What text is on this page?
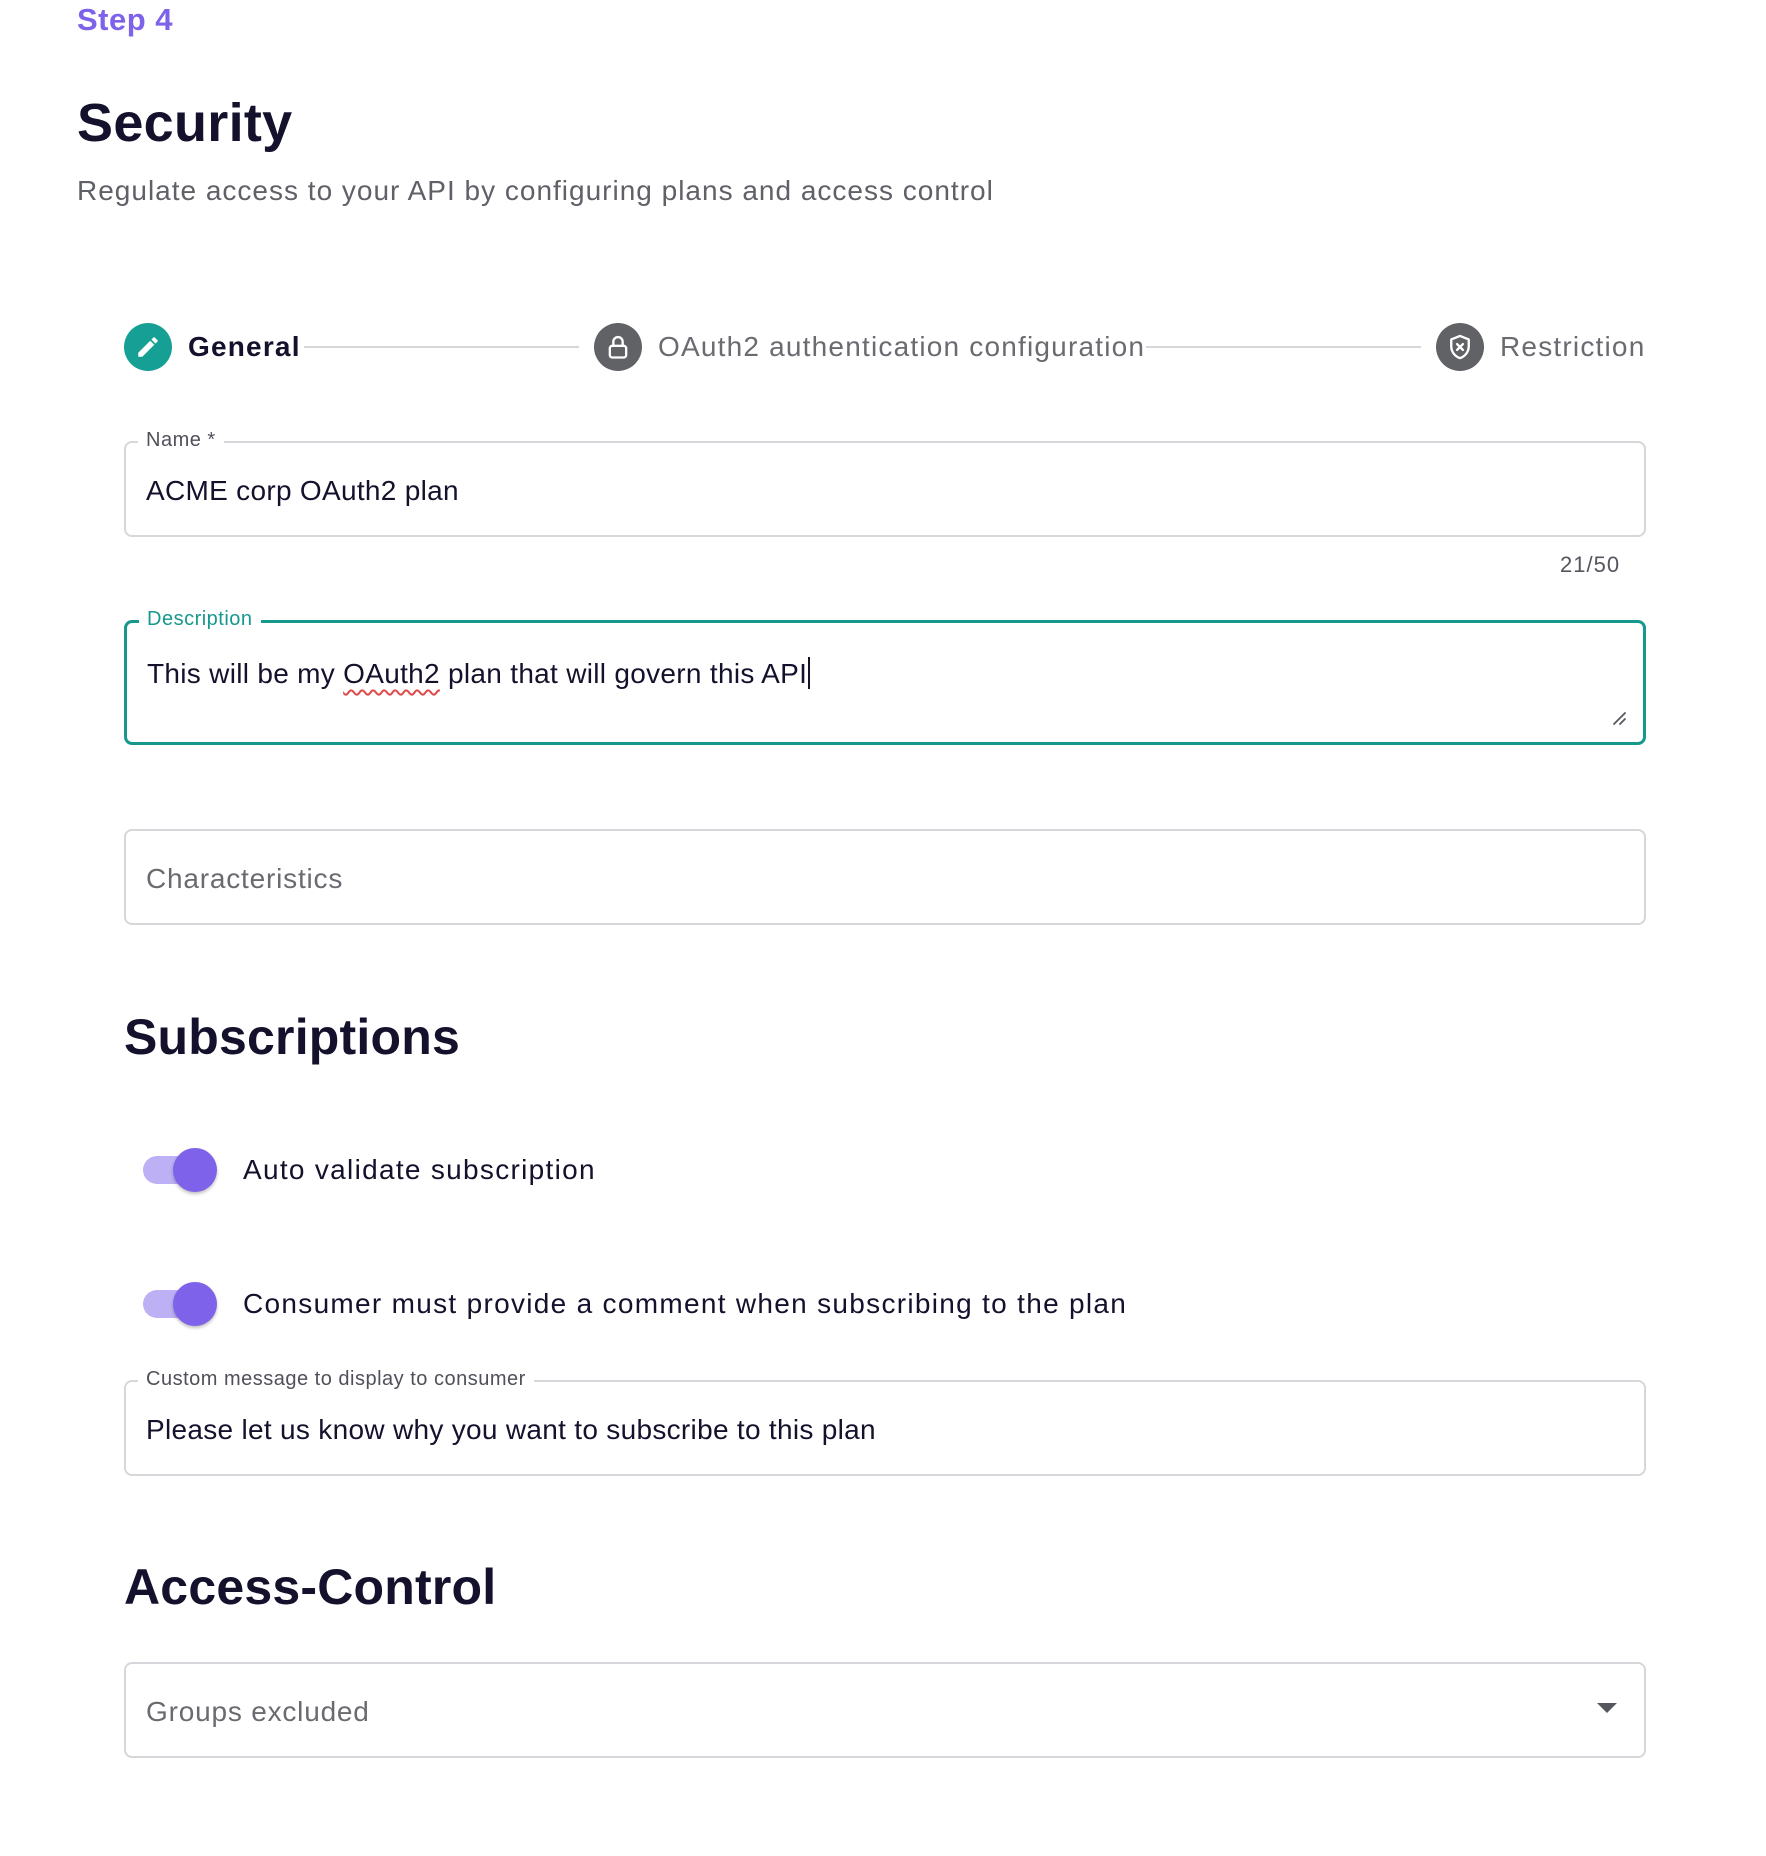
Step 4
Security
Regulate access to your API by configuring plans and access control
General	OAuth2 authentication configuration	Restriction
Name *
ACME corp OAuth2 plan
21/50
Description
This will be my OAuth2 plan that will govern this API
Characteristics
Subscriptions
Auto validate subscription
Consumer must provide a comment when subscribing to the plan
Custom message to display to consumer
Please let us know why you want to subscribe to this plan
Access-Control
Groups excluded
